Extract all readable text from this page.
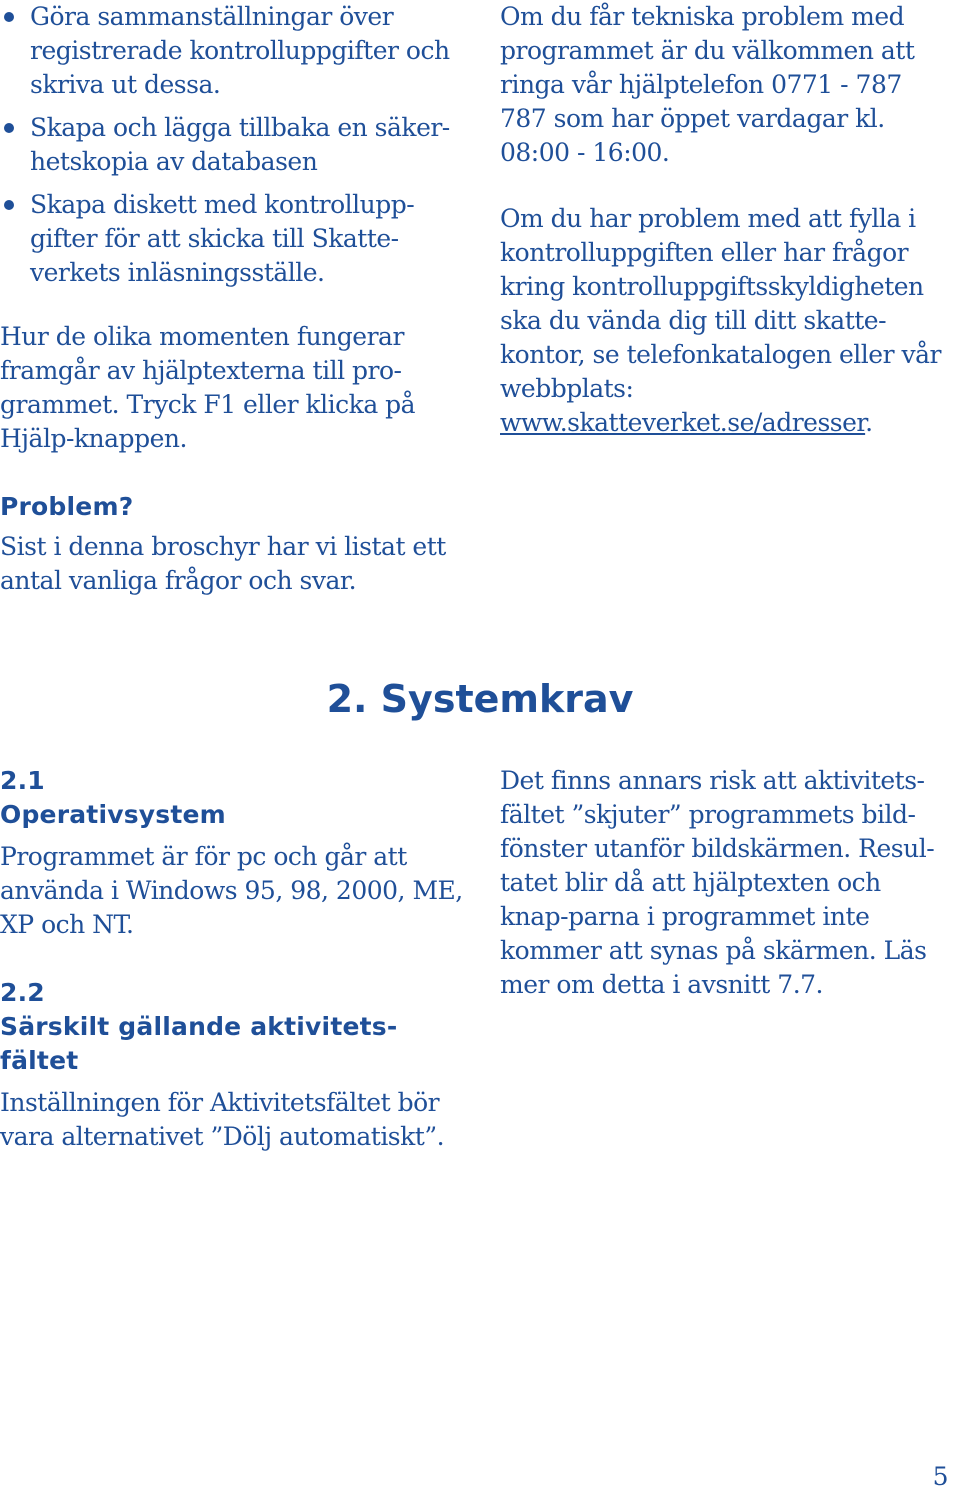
Göra sammanställningar över registrerade kontrolluppgifter och skriva ut dessa.
Skapa och lägga tillbaka en säker-hetskopia av databasen
Skapa diskett med kontrollupp-gifter för att skicka till Skatte-verkets inläsningsställe.

Hur de olika momenten fungerar framgår av hjälptexterna till pro-grammet. Tryck F1 eller klicka på Hjälp-knappen.

Problem?

Sist i denna broschyr har vi listat ett antal vanliga frågor och svar.

Om du får tekniska problem med programmet är du välkommen att ringa vår hjälptelefon 0771 - 787 787 som har öppet vardagar kl. 08:00 - 16:00.

Om du har problem med att fylla i kontrolluppgiften eller har frågor kring kontrolluppgiftsskyldigheten ska du vända dig till ditt skatte-kontor, se telefonkatalogen eller vår webbplats: www.skatteverket.se/adresser.

2. Systemkrav

2.1

Operativsystem

Programmet är för pc och går att använda i Windows 95, 98, 2000, ME, XP och NT.

2.2

Särskilt gällande aktivitets-fältet

Inställningen för Aktivitetsfältet bör vara alternativet ”Dölj automatiskt”.

Det finns annars risk att aktivitets-fältet ”skjuter” programmets bild-fönster utanför bildskärmen. Resul-tatet blir då att hjälptexten och knap-parna i programmet inte kommer att synas på skärmen. Läs mer om detta i avsnitt 7.7.

5
